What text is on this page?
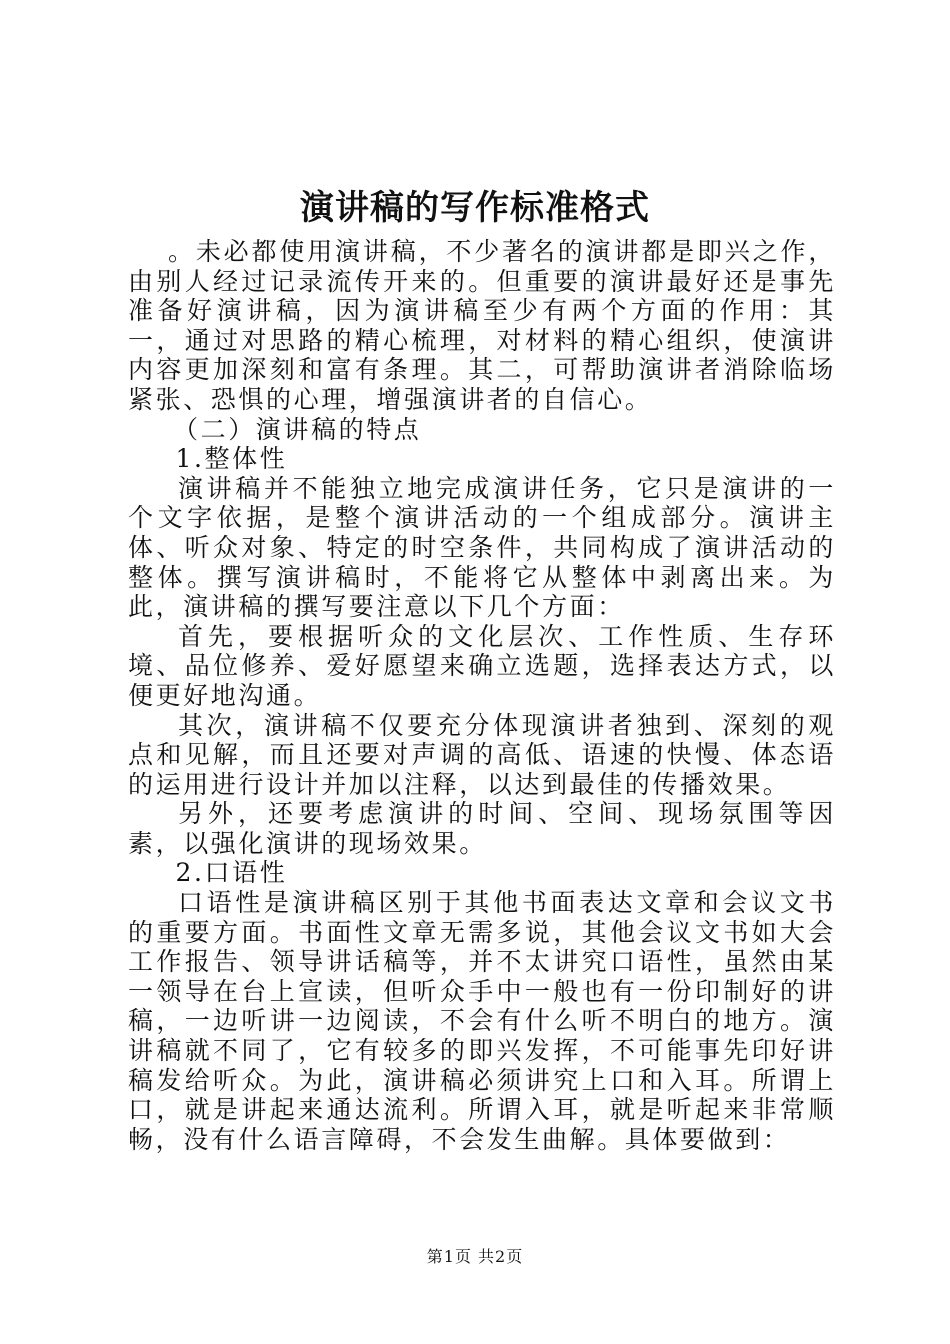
演讲稿的写作标准格式

。未必都使用演讲稿，不少著名的演讲都是即兴之作，由别人经过记录流传开来的。但重要的演讲最好还是事先准备好演讲稿，因为演讲稿至少有两个方面的作用：其一，通过对思路的精心梳理，对材料的精心组织，使演讲内容更加深刻和富有条理。其二，可帮助演讲者消除临场紧张、恐惧的心理，增强演讲者的自信心。

（二）演讲稿的特点

1.整体性

演讲稿并不能独立地完成演讲任务，它只是演讲的一个文字依据，是整个演讲活动的一个组成部分。演讲主体、听众对象、特定的时空条件，共同构成了演讲活动的整体。撰写演讲稿时，不能将它从整体中剥离出来。为此，演讲稿的撰写要注意以下几个方面：

首先，要根据听众的文化层次、工作性质、生存环境、品位修养、爱好愿望来确立选题，选择表达方式，以便更好地沟通。

其次，演讲稿不仅要充分体现演讲者独到、深刻的观点和见解，而且还要对声调的高低、语速的快慢、体态语的运用进行设计并加以注释，以达到最佳的传播效果。

另外，还要考虑演讲的时间、空间、现场氛围等因素，以强化演讲的现场效果。

2.口语性

口语性是演讲稿区别于其他书面表达文章和会议文书的重要方面。书面性文章无需多说，其他会议文书如大会工作报告、领导讲话稿等，并不太讲究口语性，虽然由某一领导在台上宣读，但听众手中一般也有一份印制好的讲稿，一边听讲一边阅读，不会有什么听不明白的地方。演讲稿就不同了，它有较多的即兴发挥，不可能事先印好讲稿发给听众。为此，演讲稿必须讲究上口和入耳。所谓上口，就是讲起来通达流利。所谓入耳，就是听起来非常顺畅，没有什么语言障碍，不会发生曲解。具体要做到：

第1页 共2页
